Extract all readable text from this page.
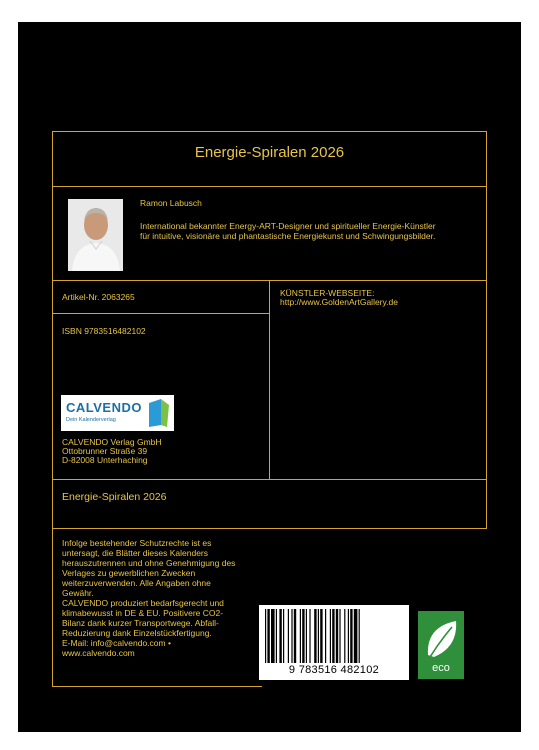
Energie-Spiralen 2026
Ramon Labusch
International bekannter Energy-ART-Designer und spiritueller Energie-Künstler für intuitive, visionäre und phantastische Energiekunst und Schwingungsbilder.
Artikel-Nr. 2063265	KÜNSTLER-WEBSEITE:
http://www.GoldenArtGallery.de
ISBN 9783516482102
CALVENDO
Dein Kalenderverlag
CALVENDO Verlag GmbH
Ottobrunner Straße 39
D-82008 Unterhaching
Energie-Spiralen 2026
Infolge bestehender Schutzrechte ist es
untersagt, die Blätter dieses Kalenders
herauszutrennen und ohne Genehmigung des
Verlages zu gewerblichen Zwecken
weiterzuverwenden. Alle Angaben ohne
Gewähr.
CALVENDO produziert bedarfsgerecht und
klimabewusst in DE & EU. Positivere CO2-
Bilanz dank kurzer Transportwege. Abfall-
Reduzierung dank Einzelstückfertigung.
E-Mail: info@calvendo.com •
www.calvendo.com
9 783516 482102	eco
